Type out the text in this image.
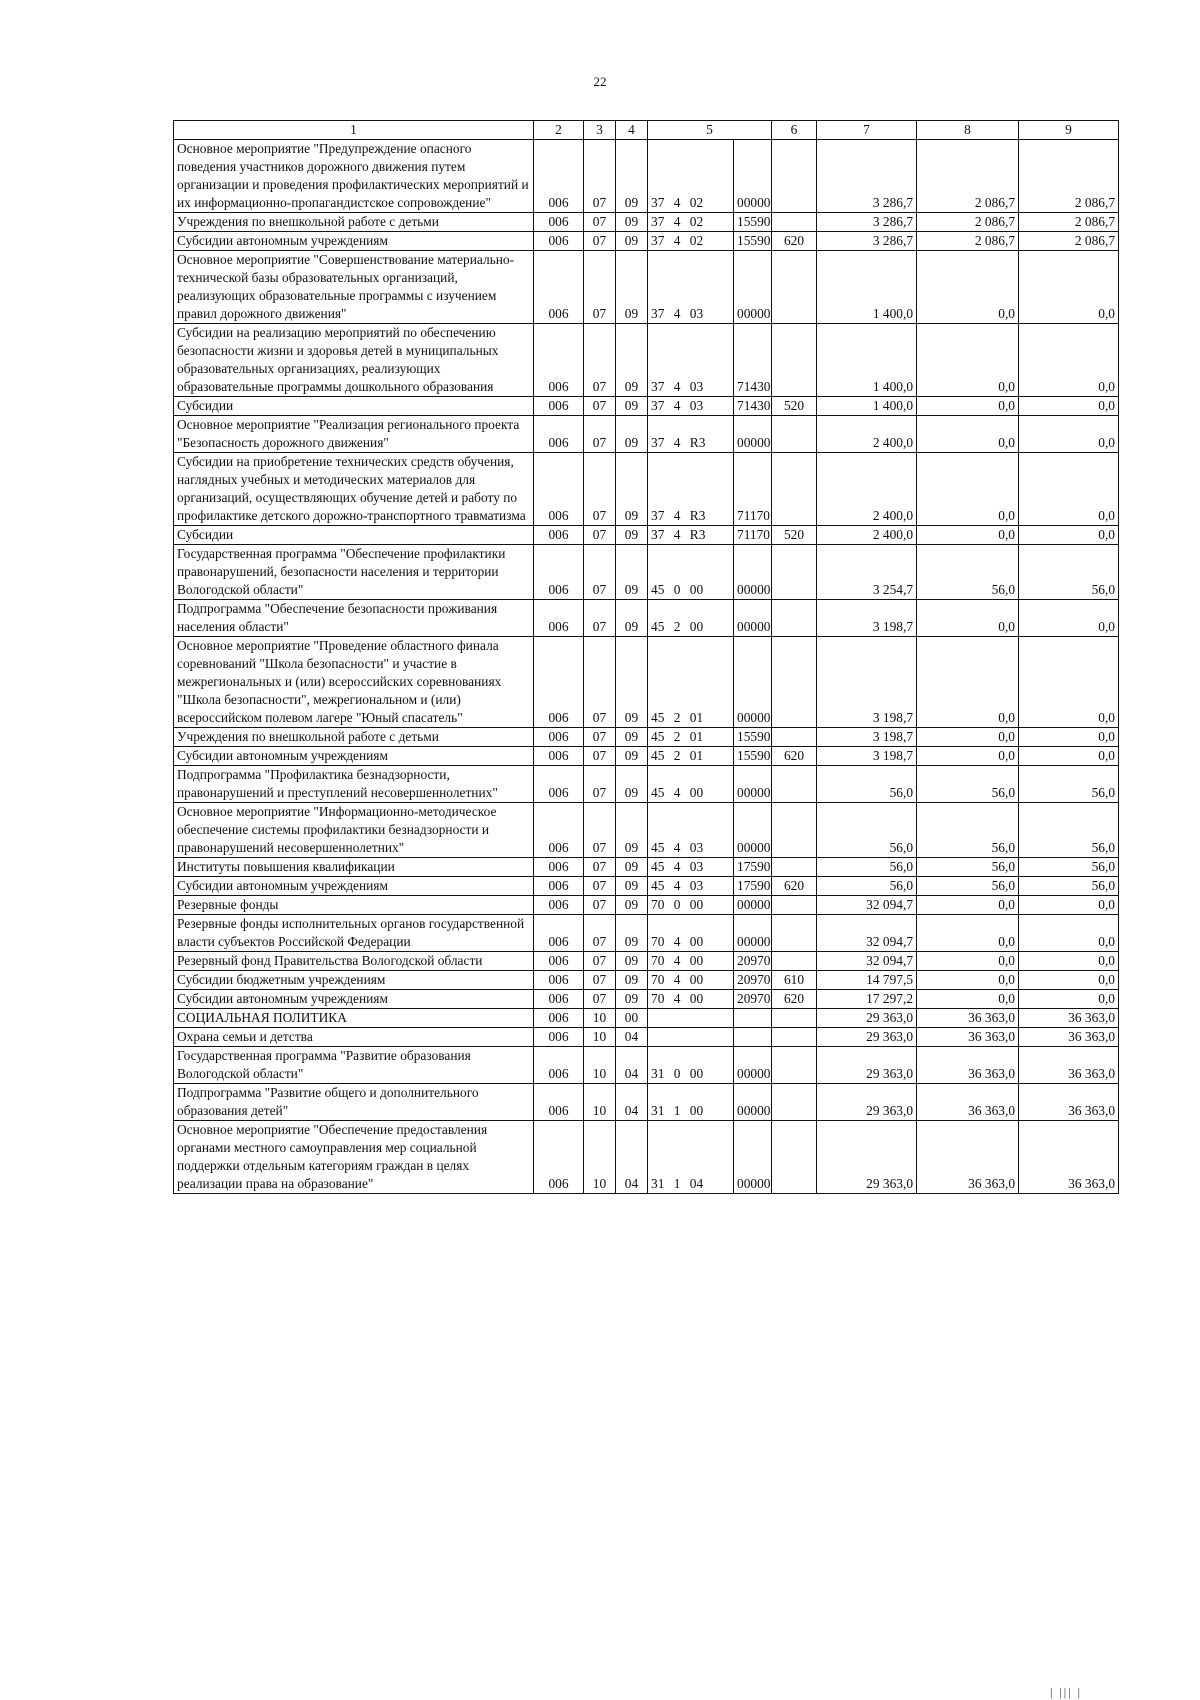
22
1	2	3	4	5		6	7	8	9
Основное мероприятие "Предупреждение опасного поведения участников дорожного движения путем организации и проведения профилактических мероприятий и их информационно-пропагандистское сопровождение"	006	07	09	37 4 02	00000		3 286,7	2 086,7	2 086,7
Учреждения по внешкольной работе с детьми	006	07	09	37 4 02	15590		3 286,7	2 086,7	2 086,7
Субсидии автономным учреждениям	006	07	09	37 4 02	15590	620	3 286,7	2 086,7	2 086,7
Основное мероприятие "Совершенствование материально-технической базы образовательных организаций, реализующих образовательные программы с изучением правил дорожного движения"	006	07	09	37 4 03	00000		1 400,0	0,0	0,0
Субсидии на реализацию мероприятий по обеспечению безопасности жизни и здоровья детей в муниципальных образовательных организациях, реализующих образовательные программы дошкольного образования	006	07	09	37 4 03	71430		1 400,0	0,0	0,0
Субсидии	006	07	09	37 4 03	71430	520	1 400,0	0,0	0,0
Основное мероприятие "Реализация регионального проекта "Безопасность дорожного движения"	006	07	09	37 4 R3	00000		2 400,0	0,0	0,0
Субсидии на приобретение технических средств обучения, наглядных учебных и методических материалов для организаций, осуществляющих обучение детей и работу по профилактике детского дорожно-транспортного травматизма	006	07	09	37 4 R3	71170		2 400,0	0,0	0,0
Субсидии	006	07	09	37 4 R3	71170	520	2 400,0	0,0	0,0
Государственная программа "Обеспечение профилактики правонарушений, безопасности населения и территории Вологодской области"	006	07	09	45 0 00	00000		3 254,7	56,0	56,0
Подпрограмма "Обеспечение безопасности проживания населения области"	006	07	09	45 2 00	00000		3 198,7	0,0	0,0
Основное мероприятие "Проведение областного финала соревнований "Школа безопасности" и участие в межрегиональных и (или) всероссийских соревнованиях "Школа безопасности", межрегиональном и (или) всероссийском полевом лагере "Юный спасатель"	006	07	09	45 2 01	00000		3 198,7	0,0	0,0
Учреждения по внешкольной работе с детьми	006	07	09	45 2 01	15590		3 198,7	0,0	0,0
Субсидии автономным учреждениям	006	07	09	45 2 01	15590	620	3 198,7	0,0	0,0
Подпрограмма "Профилактика безнадзорности, правонарушений и преступлений несовершеннолетних"	006	07	09	45 4 00	00000		56,0	56,0	56,0
Основное мероприятие "Информационно-методическое обеспечение системы профилактики безнадзорности и правонарушений несовершеннолетних"	006	07	09	45 4 03	00000		56,0	56,0	56,0
Институты повышения квалификации	006	07	09	45 4 03	17590		56,0	56,0	56,0
Субсидии автономным учреждениям	006	07	09	45 4 03	17590	620	56,0	56,0	56,0
Резервные фонды	006	07	09	70 0 00	00000		32 094,7	0,0	0,0
Резервные фонды исполнительных органов государственной власти субъектов Российской Федерации	006	07	09	70 4 00	00000		32 094,7	0,0	0,0
Резервный фонд Правительства Вологодской области	006	07	09	70 4 00	20970		32 094,7	0,0	0,0
Субсидии бюджетным учреждениям	006	07	09	70 4 00	20970	610	14 797,5	0,0	0,0
Субсидии автономным учреждениям	006	07	09	70 4 00	20970	620	17 297,2	0,0	0,0
СОЦИАЛЬНАЯ ПОЛИТИКА	006	10	00				29 363,0	36 363,0	36 363,0
Охрана семьи и детства	006	10	04				29 363,0	36 363,0	36 363,0
Государственная программа "Развитие образования Вологодской области"	006	10	04	31 0 00	00000		29 363,0	36 363,0	36 363,0
Подпрограмма "Развитие общего и дополнительного образования детей"	006	10	04	31 1 00	00000		29 363,0	36 363,0	36 363,0
Основное мероприятие "Обеспечение предоставления органами местного самоуправления мер социальной поддержки отдельным категориям граждан в целях реализации права на образование"	006	10	04	31 1 04	00000		29 363,0	36 363,0	36 363,0
| ||| |
